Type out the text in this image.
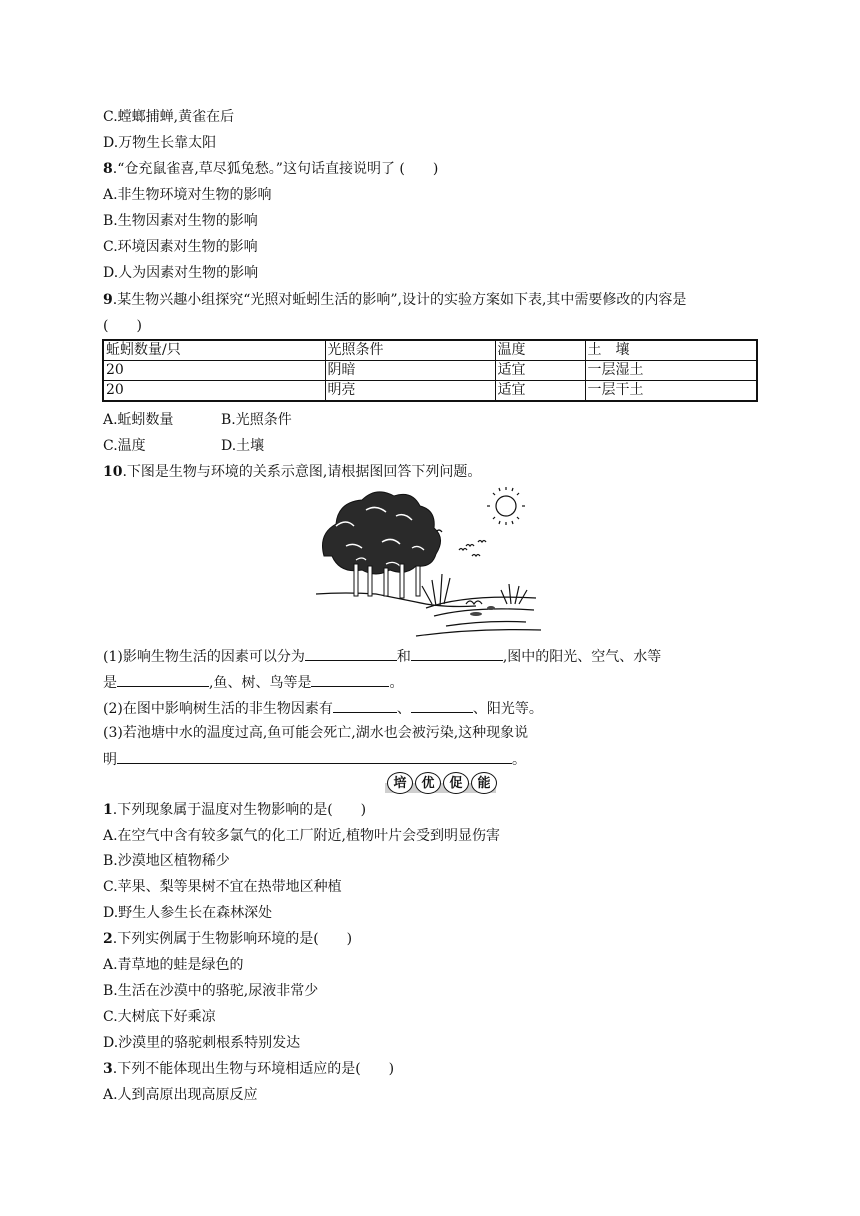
C.螳螂捕蝉,黄雀在后
D.万物生长靠太阳
8.“仓充鼠雀喜,草尽狐兔愁。”这句话直接说明了 (　　)
A.非生物环境对生物的影响
B.生物因素对生物的影响
C.环境因素对生物的影响
D.人为因素对生物的影响
9.某生物兴趣小组探究“光照对蚯蚓生活的影响”,设计的实验方案如下表,其中需要修改的内容是
(　　)
蚯蚓数量/只	光照条件	温度	土　壤
20	阴暗	适宜	一层湿土
20	明亮	适宜	一层干土
A.蚯蚓数量	B.光照条件
C.温度	D.土壤
10.下图是生物与环境的关系示意图,请根据图回答下列问题。
(1)影响生物生活的因素可以分为	和	,图中的阳光、空气、水等
是	,鱼、树、鸟等是	。
(2)在图中影响树生活的非生物因素有	、	、阳光等。
(3)若池塘中水的温度过高,鱼可能会死亡,湖水也会被污染,这种现象说
明	。
培	优	促	能
1.下列现象属于温度对生物影响的是(　　)
A.在空气中含有较多氯气的化工厂附近,植物叶片会受到明显伤害
B.沙漠地区植物稀少
C.苹果、梨等果树不宜在热带地区种植
D.野生人参生长在森林深处
2.下列实例属于生物影响环境的是(　　)
A.青草地的蛙是绿色的
B.生活在沙漠中的骆驼,尿液非常少
C.大树底下好乘凉
D.沙漠里的骆驼刺根系特别发达
3.下列不能体现出生物与环境相适应的是(　　)
A.人到高原出现高原反应
